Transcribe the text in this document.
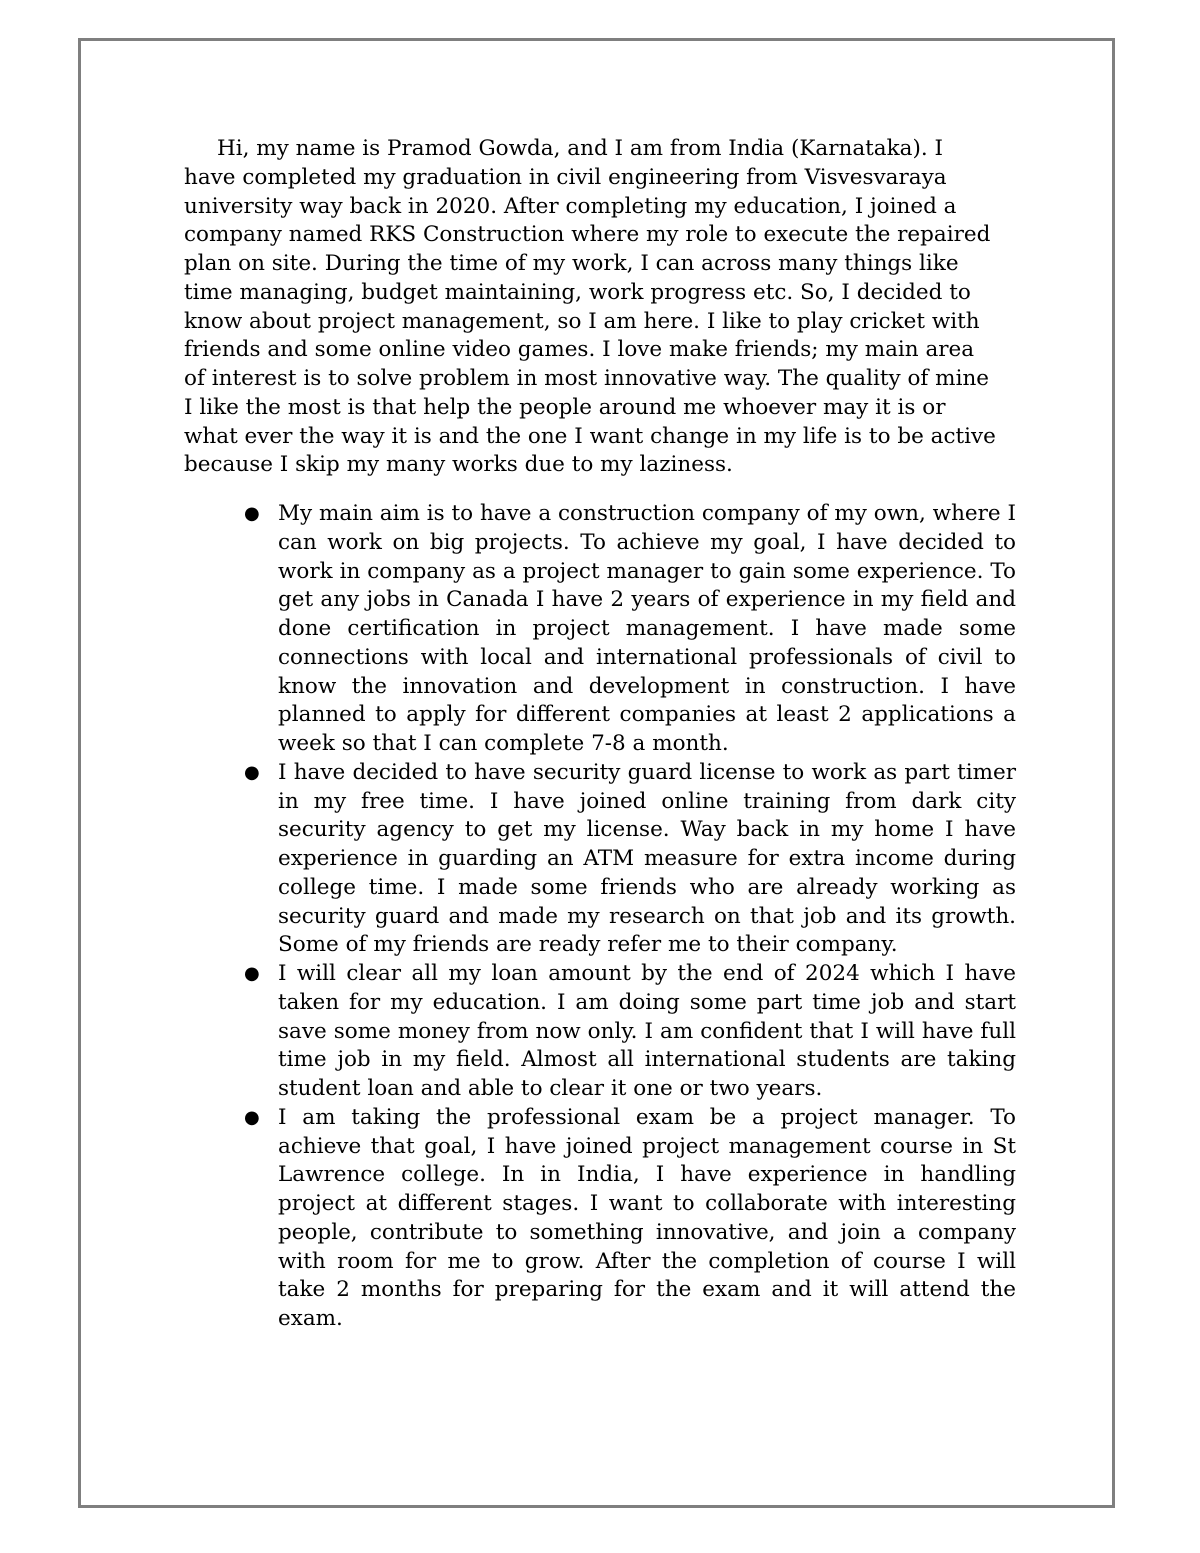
Hi, my name is Pramod Gowda, and I am from India (Karnataka). I have completed my graduation in civil engineering from Visvesvaraya university way back in 2020. After completing my education, I joined a company named RKS Construction where my role to execute the repaired plan on site. During the time of my work, I can across many things like time managing, budget maintaining, work progress etc. So, I decided to know about project management, so I am here. I like to play cricket with friends and some online video games. I love make friends; my main area of interest is to solve problem in most innovative way. The quality of mine I like the most is that help the people around me whoever may it is or what ever the way it is and the one I want change in my life is to be active because I skip my many works due to my laziness.

● My main aim is to have a construction company of my own, where I can work on big projects. To achieve my goal, I have decided to work in company as a project manager to gain some experience. To get any jobs in Canada I have 2 years of experience in my field and done certification in project management. I have made some connections with local and international professionals of civil to know the innovation and development in construction. I have planned to apply for different companies at least 2 applications a week so that I can complete 7-8 a month.
● I have decided to have security guard license to work as part timer in my free time. I have joined online training from dark city security agency to get my license. Way back in my home I have experience in guarding an ATM measure for extra income during college time. I made some friends who are already working as security guard and made my research on that job and its growth. Some of my friends are ready refer me to their company.
● I will clear all my loan amount by the end of 2024 which I have taken for my education. I am doing some part time job and start save some money from now only. I am confident that I will have full time job in my field. Almost all international students are taking student loan and able to clear it one or two years.
● I am taking the professional exam be a project manager. To achieve that goal, I have joined project management course in St Lawrence college. In in India, I have experience in handling project at different stages. I want to collaborate with interesting people, contribute to something innovative, and join a company with room for me to grow. After the completion of course I will take 2 months for preparing for the exam and it will attend the exam.
